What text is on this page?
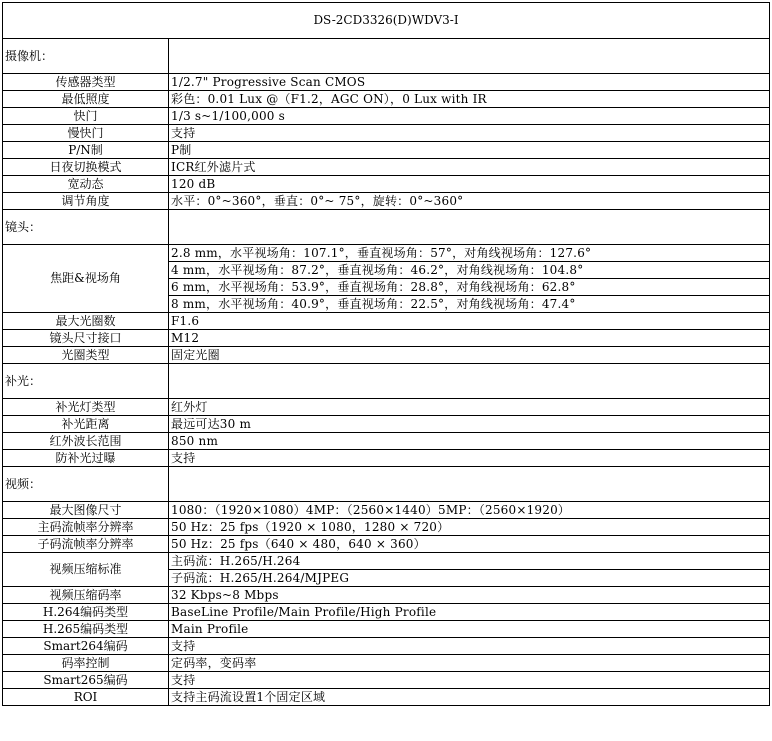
DS-2CD3326(D)WDV3-I	
摄像机：	
传感器类型	1/2.7" Progressive Scan CMOS
最低照度	彩色：0.01 Lux @（F1.2，AGC ON），0 Lux with IR
快门	1/3 s~1/100,000 s
慢快门	支持
P/N制	P制
日夜切换模式	ICR红外滤片式
宽动态	120 dB
调节角度	水平：0°~360°，垂直：0°~ 75°，旋转：0°~360°
镜头：	
焦距&视场角	2.8 mm，水平视场角：107.1°，垂直视场角：57°，对角线视场角：127.6°
	4 mm，水平视场角：87.2°，垂直视场角：46.2°，对角线视场角：104.8°
	6 mm，水平视场角：53.9°，垂直视场角：28.8°，对角线视场角：62.8°
	8 mm，水平视场角：40.9°，垂直视场角：22.5°，对角线视场角：47.4°
最大光圈数	F1.6
镜头尺寸接口	M12
光圈类型	固定光圈
补光：	
补光灯类型	红外灯
补光距离	最远可达30 m
红外波长范围	850 nm
防补光过曝	支持
视频：	
最大图像尺寸	1080：（1920×1080）4MP：（2560×1440）5MP：（2560×1920）
主码流帧率分辨率	50 Hz：25 fps（1920 × 1080，1280 × 720）
子码流帧率分辨率	50 Hz：25 fps（640 × 480，640 × 360）
视频压缩标准	主码流：H.265/H.264
	子码流：H.265/H.264/MJPEG
视频压缩码率	32 Kbps~8 Mbps
H.264编码类型	BaseLine Profile/Main Profile/High Profile
H.265编码类型	Main Profile
Smart264编码	支持
码率控制	定码率，变码率
Smart265编码	支持
ROI	支持主码流设置1个固定区域
